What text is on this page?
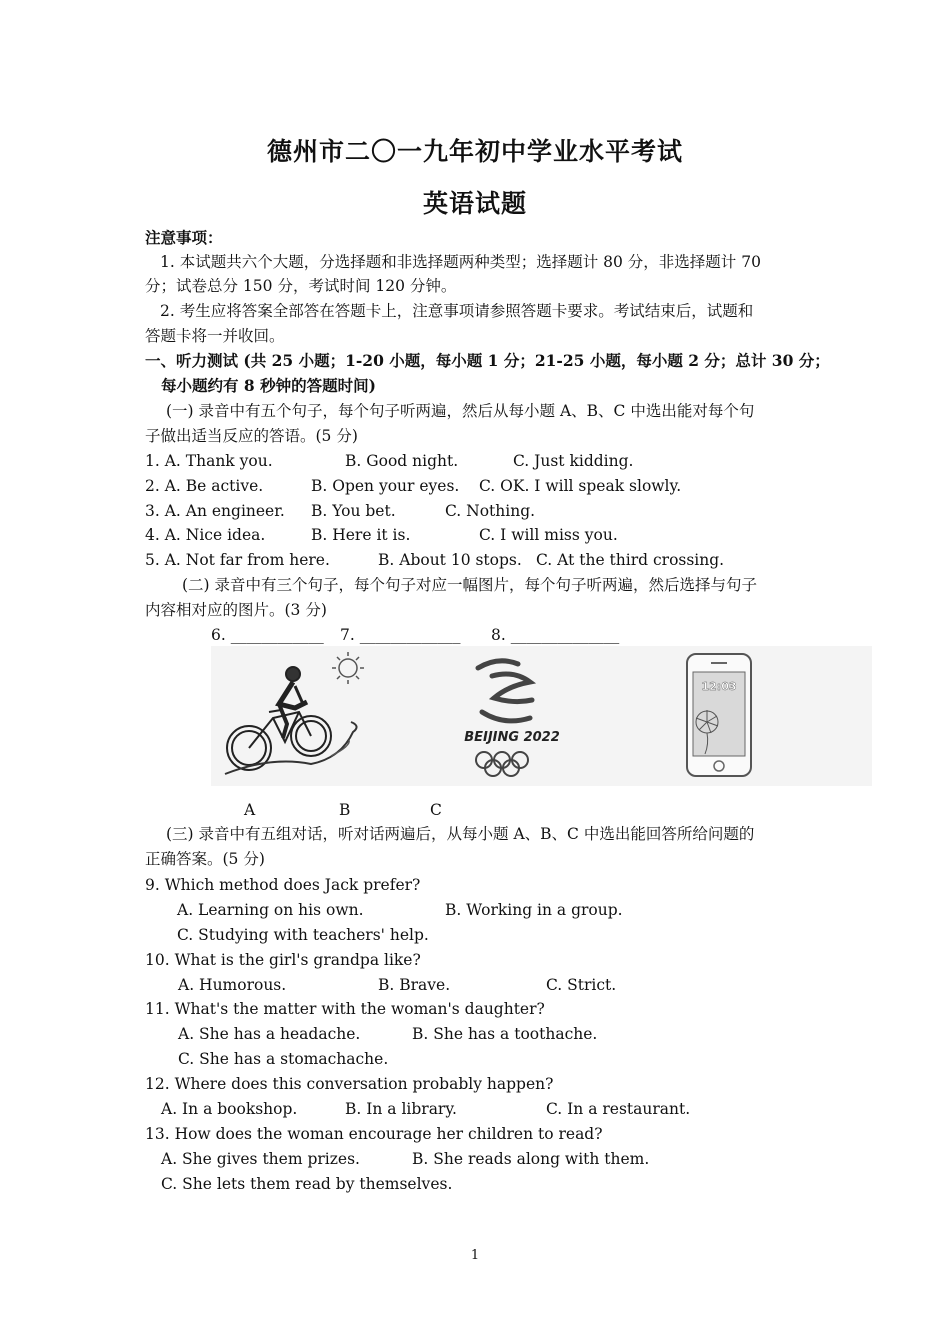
德州市二〇一九年初中学业水平考试
英语试题
注意事项：
1. 本试题共六个大题，分选择题和非选择题两种类型；选择题计 80 分，非选择题计 70
分；试卷总分 150 分，考试时间 120 分钟。
2. 考生应将答案全部答在答题卡上，注意事项请参照答题卡要求。考试结束后，试题和
答题卡将一并收回。
一、听力测试 (共 25 小题；1-20 小题，每小题 1 分；21-25 小题，每小题 2 分；总计 30 分；
每小题约有 8 秒钟的答题时间)
(一) 录音中有五个句子，每个句子听两遍，然后从每小题 A、B、C 中选出能对每个句
子做出适当反应的答语。(5 分)
1. A. Thank you.	B. Good night.	C. Just kidding.
2. A. Be active.	B. Open your eyes. C. OK. I will speak slowly.
3. A. An engineer. B. You bet.	C. Nothing.
4. A. Nice idea.	B. Here it is.	C. I will miss you.
5. A. Not far from here.	B. About 10 stops. C. At the third crossing.
(二) 录音中有三个句子，每个句子对应一幅图片，每个句子听两遍，然后选择与句子
内容相对应的图片。(3 分)
6. ____________ 7. _____________ 8. ______________
BEIJING 2022
12:03
A	B	C
(三) 录音中有五组对话，听对话两遍后，从每小题 A、B、C 中选出能回答所给问题的
正确答案。(5 分)
9. Which method does Jack prefer?
A. Learning on his own.	B. Working in a group.
C. Studying with teachers' help.
10. What is the girl's grandpa like?
A. Humorous.	B. Brave.	C. Strict.
11. What's the matter with the woman's daughter?
A. She has a headache.	B. She has a toothache.
C. She has a stomachache.
12. Where does this conversation probably happen?
A. In a bookshop.	B. In a library.	C. In a restaurant.
13. How does the woman encourage her children to read?
A. She gives them prizes.	B. She reads along with them.
C. She lets them read by themselves.
1
